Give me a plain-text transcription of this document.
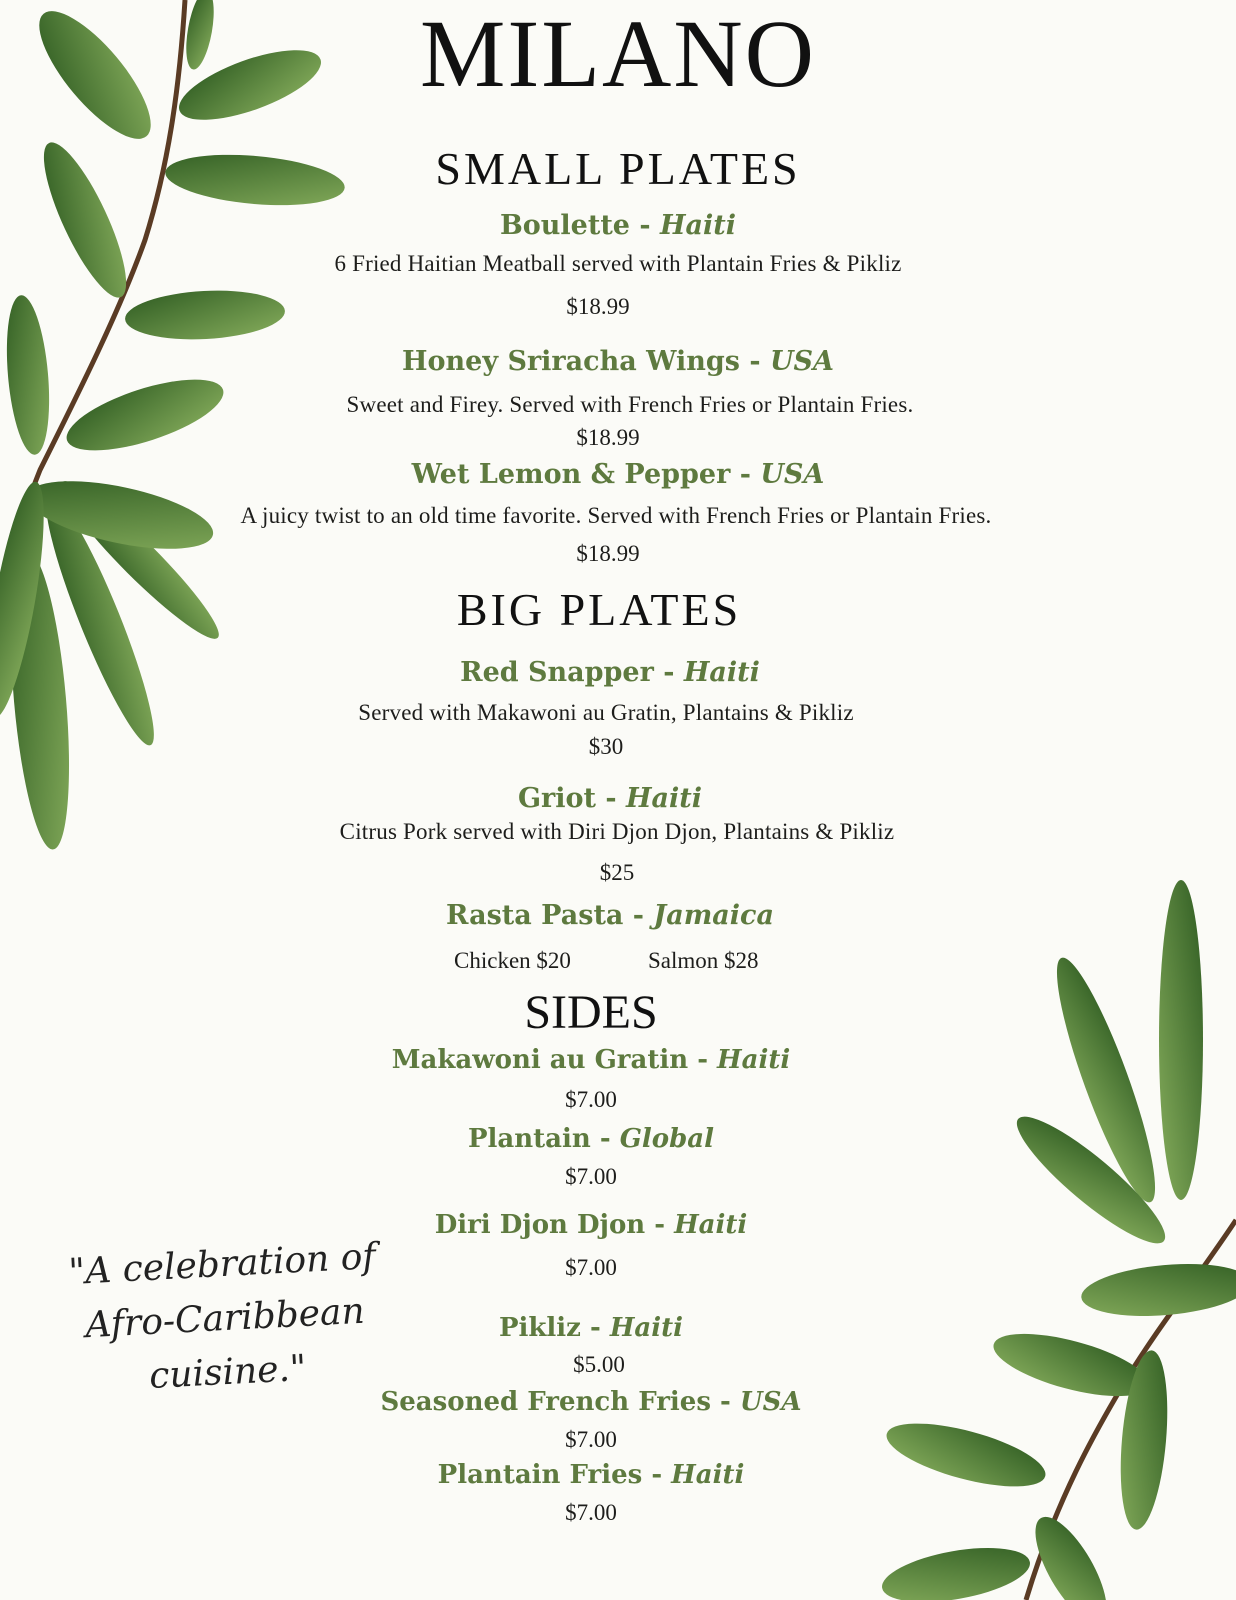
MILANO
SMALL PLATES
Boulette - Haiti
6 Fried Haitian Meatball served with Plantain Fries & Pikliz
$18.99
Honey Sriracha Wings - USA
Sweet and Firey. Served with French Fries or Plantain Fries.
$18.99
Wet Lemon & Pepper - USA
A juicy twist to an old time favorite. Served with French Fries or Plantain Fries.
$18.99
BIG PLATES
Red Snapper - Haiti
Served with Makawoni au Gratin, Plantains & Pikliz
$30
Griot - Haiti
Citrus Pork served with Diri Djon Djon, Plantains & Pikliz
$25
Rasta Pasta - Jamaica
Chicken $20	Salmon $28
SIDES
Makawoni au Gratin - Haiti
$7.00
Plantain - Global
$7.00
Diri Djon Djon - Haiti
$7.00
Pikliz - Haiti
$5.00
Seasoned French Fries - USA
$7.00
Plantain Fries - Haiti
$7.00
"A celebration of
Afro-Caribbean cuisine."
